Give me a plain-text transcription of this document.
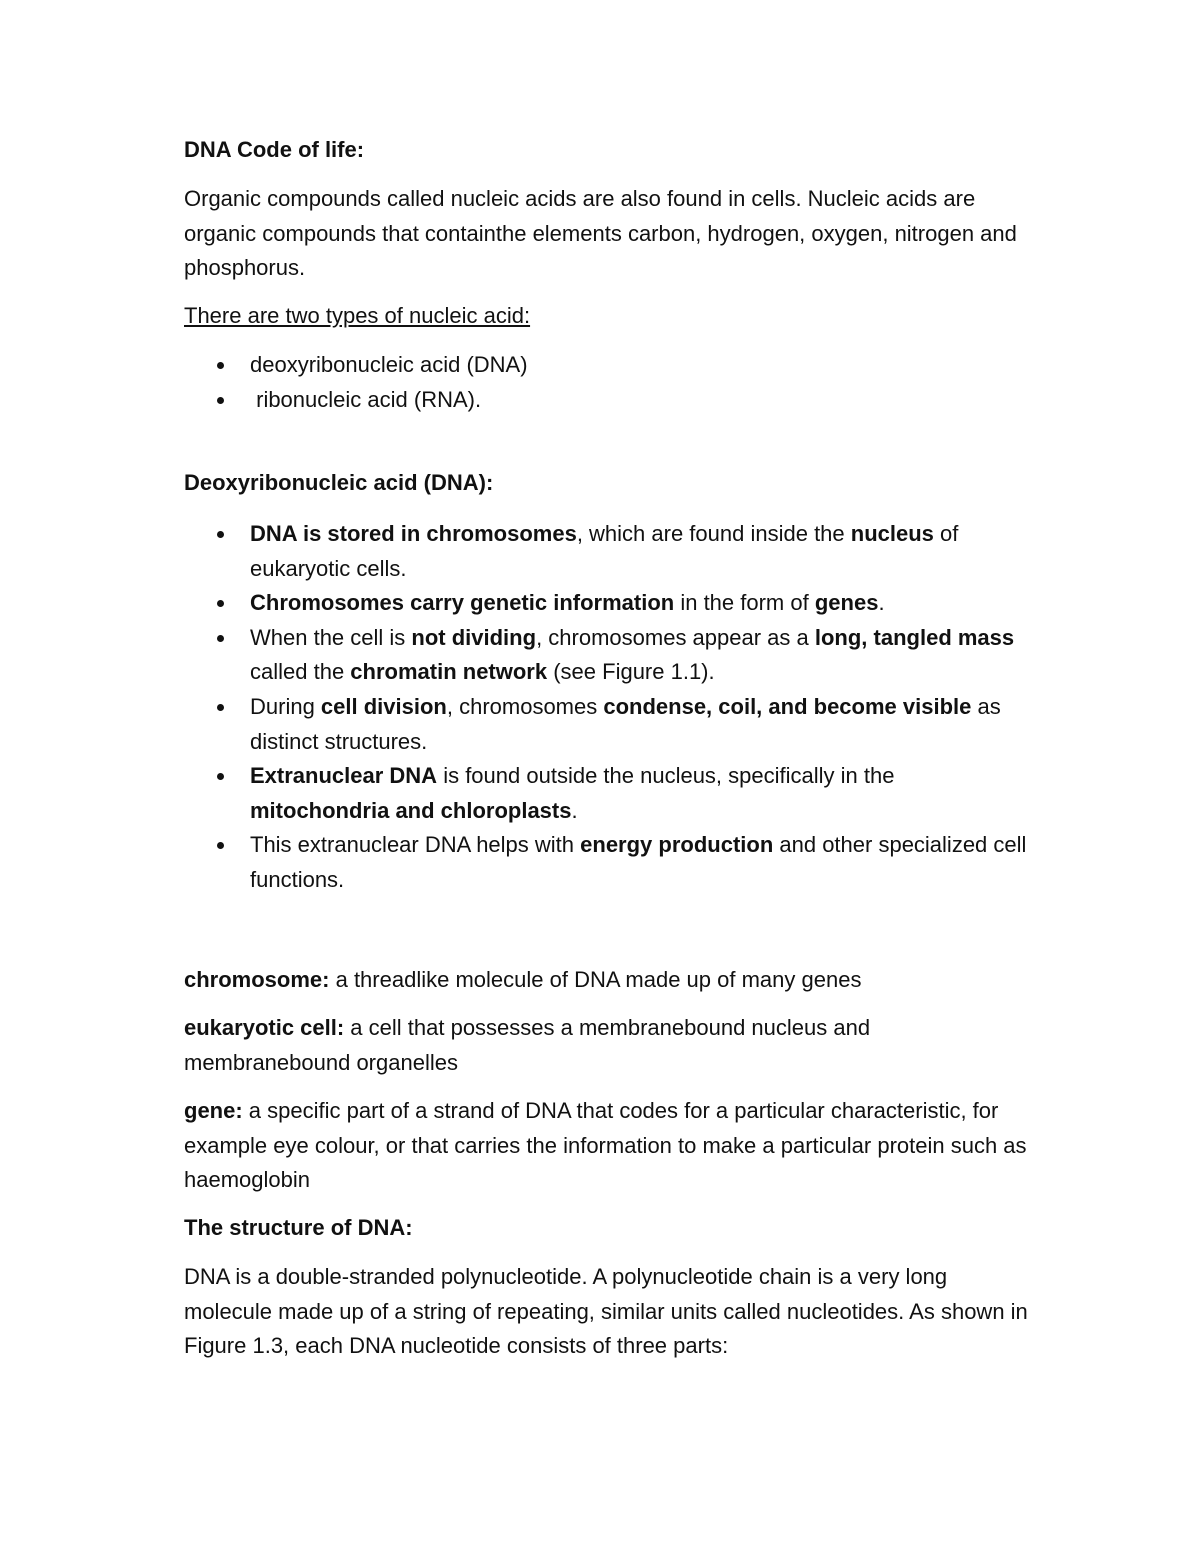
DNA Code of life:

Organic compounds called nucleic acids are also found in cells. Nucleic acids are organic compounds that containthe elements carbon, hydrogen, oxygen, nitrogen and phosphorus.

There are two types of nucleic acid:

deoxyribonucleic acid (DNA)
ribonucleic acid (RNA).

Deoxyribonucleic acid (DNA):

DNA is stored in chromosomes, which are found inside the nucleus of eukaryotic cells.
Chromosomes carry genetic information in the form of genes.
When the cell is not dividing, chromosomes appear as a long, tangled mass called the chromatin network (see Figure 1.1).
During cell division, chromosomes condense, coil, and become visible as distinct structures.
Extranuclear DNA is found outside the nucleus, specifically in the mitochondria and chloroplasts.
This extranuclear DNA helps with energy production and other specialized cell functions.

chromosome: a threadlike molecule of DNA made up of many genes

eukaryotic cell: a cell that possesses a membranebound nucleus and membranebound organelles

gene: a specific part of a strand of DNA that codes for a particular characteristic, for example eye colour, or that carries the information to make a particular protein such as haemoglobin

The structure of DNA:

DNA is a double-stranded polynucleotide. A polynucleotide chain is a very long molecule made up of a string of repeating, similar units called nucleotides. As shown in Figure 1.3, each DNA nucleotide consists of three parts:
